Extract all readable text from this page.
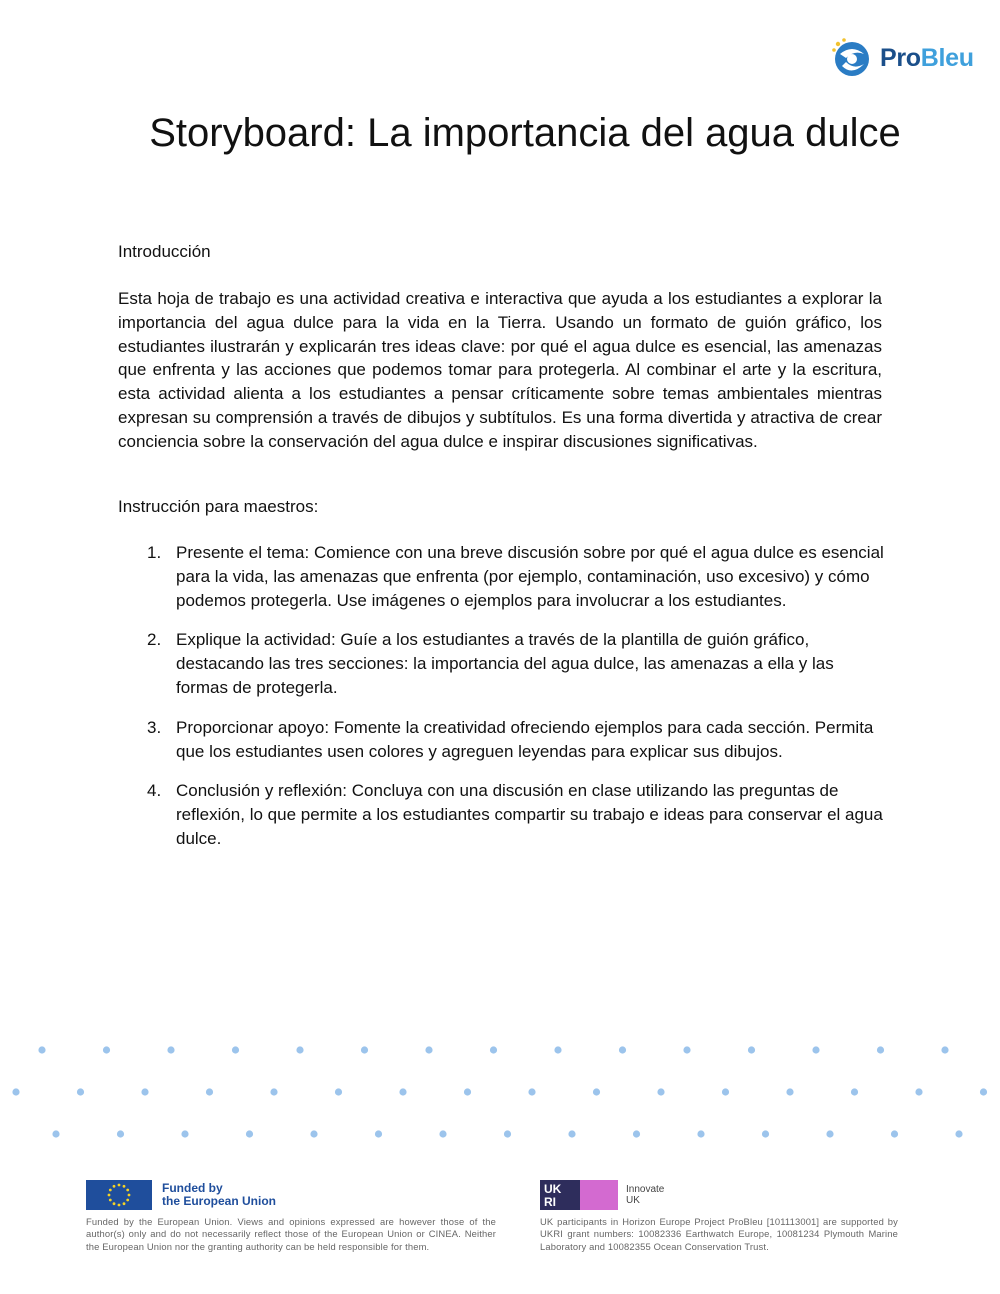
ProBleu
Storyboard: La importancia del agua dulce

Introducción

Esta hoja de trabajo es una actividad creativa e interactiva que ayuda a los estudiantes a explorar la importancia del agua dulce para la vida en la Tierra. Usando un formato de guión gráfico, los estudiantes ilustrarán y explicarán tres ideas clave: por qué el agua dulce es esencial, las amenazas que enfrenta y las acciones que podemos tomar para protegerla. Al combinar el arte y la escritura, esta actividad alienta a los estudiantes a pensar críticamente sobre temas ambientales mientras expresan su comprensión a través de dibujos y subtítulos. Es una forma divertida y atractiva de crear conciencia sobre la conservación del agua dulce e inspirar discusiones significativas.

Instrucción para maestros:

1. Presente el tema: Comience con una breve discusión sobre por qué el agua dulce es esencial para la vida, las amenazas que enfrenta (por ejemplo, contaminación, uso excesivo) y cómo podemos protegerla. Use imágenes o ejemplos para involucrar a los estudiantes.
2. Explique la actividad: Guíe a los estudiantes a través de la plantilla de guión gráfico, destacando las tres secciones: la importancia del agua dulce, las amenazas a ella y las formas de protegerla.
3. Proporcionar apoyo: Fomente la creatividad ofreciendo ejemplos para cada sección. Permita que los estudiantes usen colores y agreguen leyendas para explicar sus dibujos.
4. Conclusión y reflexión: Concluya con una discusión en clase utilizando las preguntas de reflexión, lo que permite a los estudiantes compartir su trabajo e ideas para conservar el agua dulce.
Funded by
the European Union

Funded by the European Union. Views and opinions expressed are however those of the author(s) only and do not necessarily reflect those of the European Union or CINEA. Neither the European Union nor the granting authority can be held responsible for them.

UK
RI
Innovate
UK

UK participants in Horizon Europe Project ProBleu [101113001] are supported by UKRI grant numbers: 10082336 Earthwatch Europe, 10081234 Plymouth Marine Laboratory and 10082355 Ocean Conservation Trust.
